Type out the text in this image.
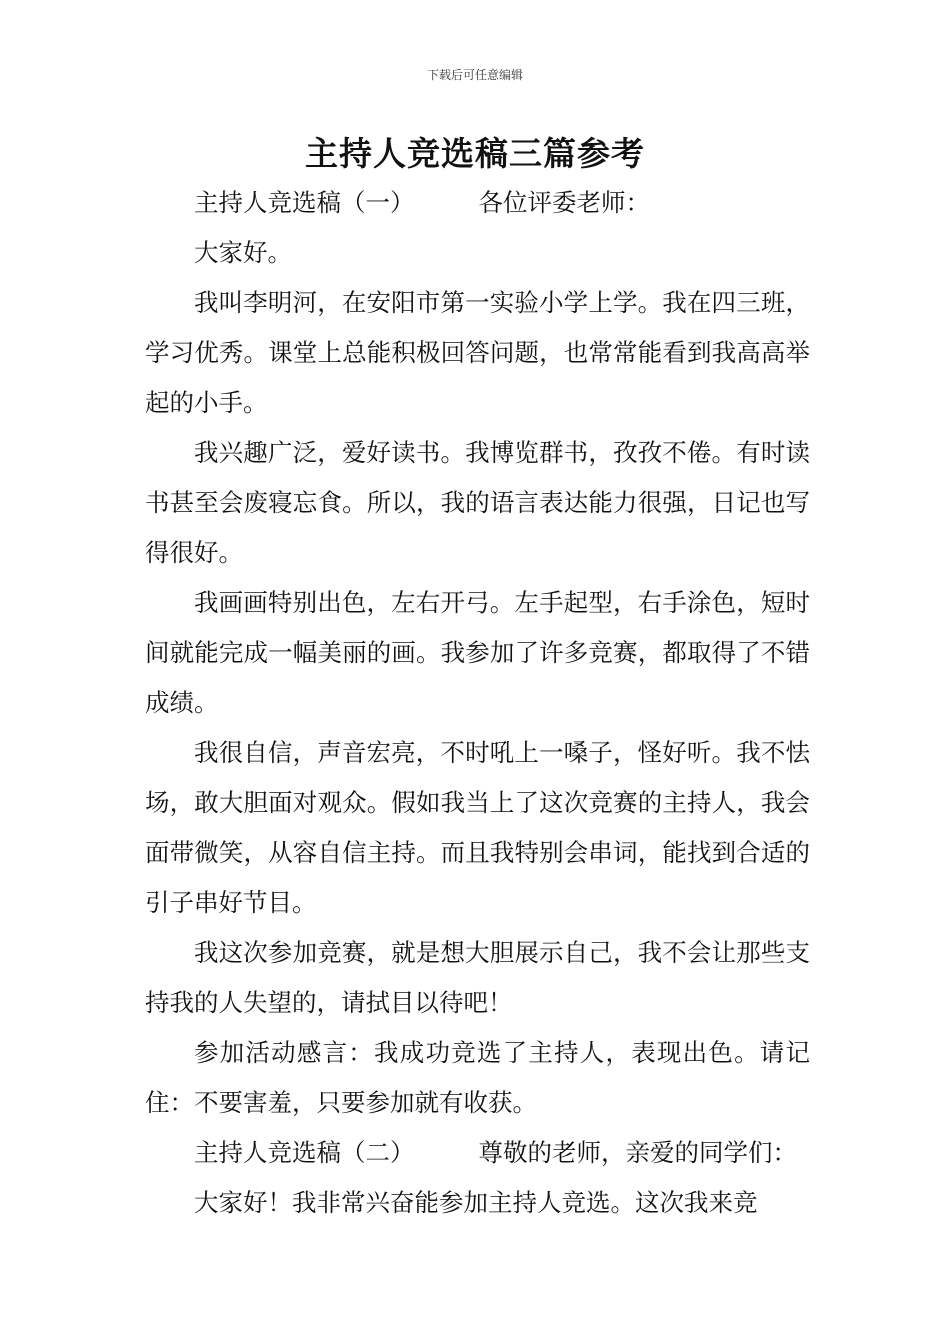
下载后可任意编辑
主持人竞选稿三篇参考

主持人竞选稿（一）	各位评委老师：

大家好。

我叫李明河，在安阳市第一实验小学上学。我在四三班，学习优秀。课堂上总能积极回答问题，也常常能看到我高高举起的小手。

我兴趣广泛，爱好读书。我博览群书，孜孜不倦。有时读书甚至会废寝忘食。所以，我的语言表达能力很强，日记也写得很好。

我画画特别出色，左右开弓。左手起型，右手涂色，短时间就能完成一幅美丽的画。我参加了许多竞赛，都取得了不错成绩。

我很自信，声音宏亮，不时吼上一嗓子，怪好听。我不怯场，敢大胆面对观众。假如我当上了这次竞赛的主持人，我会面带微笑，从容自信主持。而且我特别会串词，能找到合适的引子串好节目。

我这次参加竞赛，就是想大胆展示自己，我不会让那些支持我的人失望的，请拭目以待吧！

参加活动感言：我成功竞选了主持人，表现出色。请记住：不要害羞，只要参加就有收获。

主持人竞选稿（二）	尊敬的老师，亲爱的同学们：

大家好！我非常兴奋能参加主持人竞选。这次我来竞
